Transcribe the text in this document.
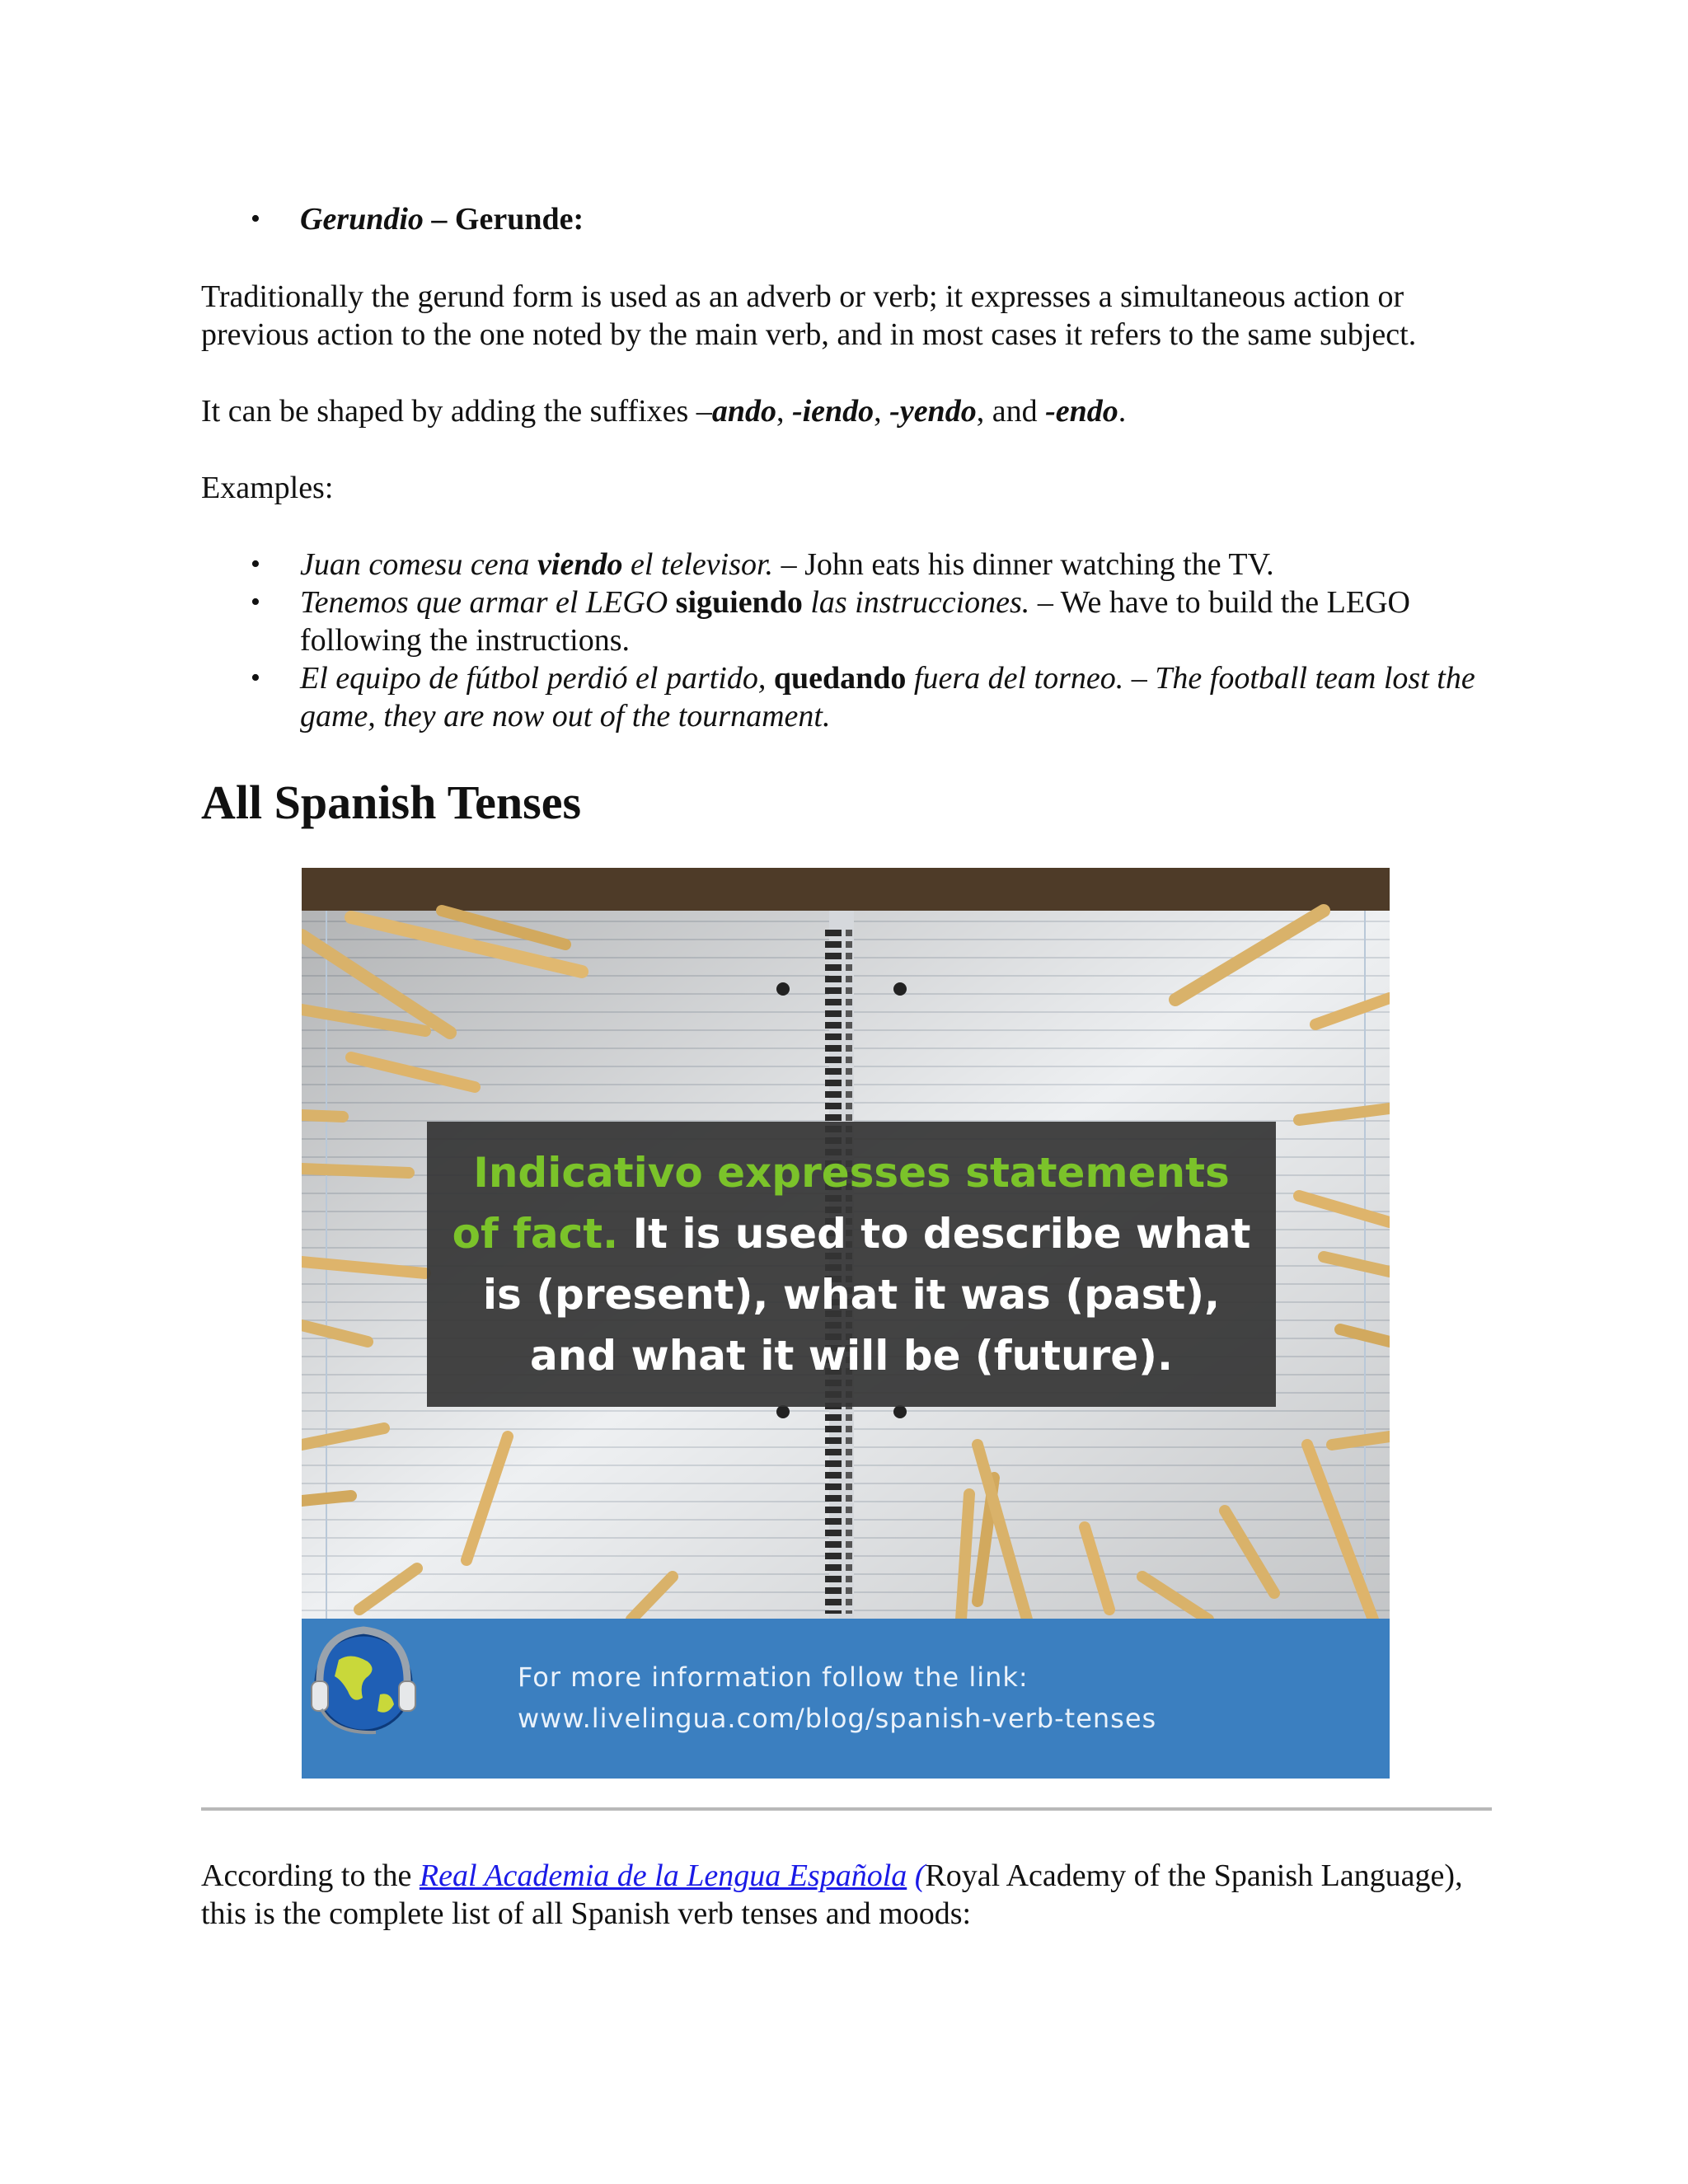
• Gerundio – Gerunde:

Traditionally the gerund form is used as an adverb or verb; it expresses a simultaneous action or previous action to the one noted by the main verb, and in most cases it refers to the same subject.

It can be shaped by adding the suffixes –ando, -iendo, -yendo, and -endo.

Examples:

• Juan comesu cena viendo el televisor. – John eats his dinner watching the TV.
• Tenemos que armar el LEGO siguiendo las instrucciones. – We have to build the LEGO following the instructions.
• El equipo de fútbol perdió el partido, quedando fuera del torneo. – The football team lost the game, they are now out of the tournament.
All Spanish Tenses

According to the Real Academia de la Lengua Española (Royal Academy of the Spanish Language), this is the complete list of all Spanish verb tenses and moods:

Indicativo expresses statements
of fact. It is used to describe what
is (present), what it was (past),
and what it will be (future).
For more information follow the link:
www.livelingua.com/blog/spanish-verb-tenses
